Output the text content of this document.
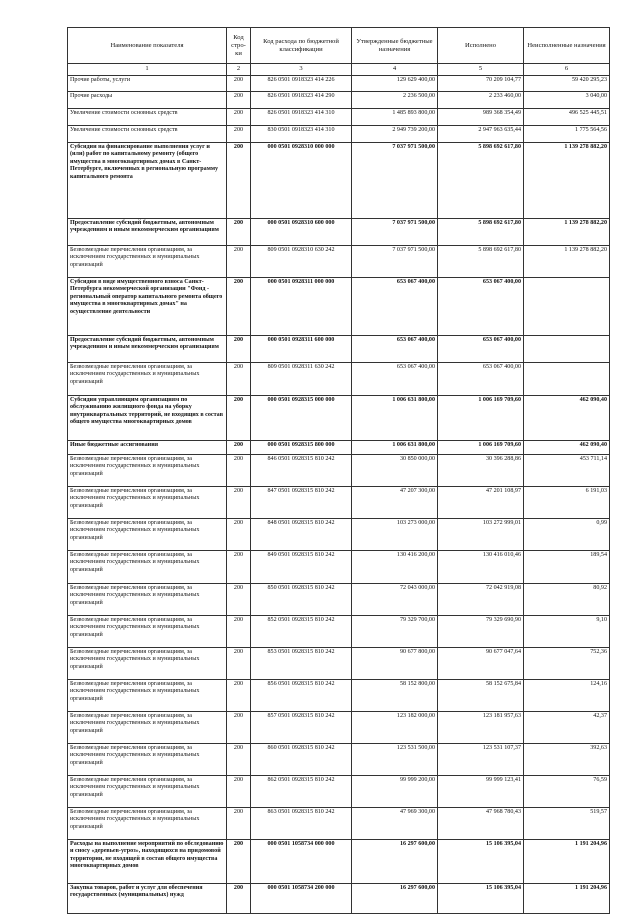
Наименование показателя	Код стро-ки	Код расхода по бюджетной классификации	Утвержденные бюджетные назначения	Исполнено	Неисполненные назначения
1	2	3	4	5	6
Прочие работы, услуги	200	826 0501 0918323 414 226	129 629 400,00	70 209 104,77	59 420 295,23
Прочие расходы	200	826 0501 0918323 414 290	2 236 500,00	2 233 460,00	3 040,00
Увеличение стоимости основных средств	200	826 0501 0918323 414 310	1 485 893 800,00	989 368 354,49	496 525 445,51
Увеличение стоимости основных средств	200	830 0501 0918323 414 310	2 949 739 200,00	2 947 963 635,44	1 775 564,56
Субсидии на финансирование выполнения услуг и (или) работ по капитальному ремонту (общего имущества в многоквартирных домах в Санкт-Петербурге, включенных в региональную программу капитального ремонта	200	000 0501 0928310 000 000	7 037 971 500,00	5 898 692 617,80	1 139 278 882,20
Предоставление субсидий бюджетным, автономным учреждениям и иным некоммерческим организациям	200	000 0501 0928310 600 000	7 037 971 500,00	5 898 692 617,80	1 139 278 882,20
Безвозмездные перечисления организациям, за исключением государственных и муниципальных организаций	200	809 0501 0928310 630 242	7 037 971 500,00	5 898 692 617,80	1 139 278 882,20
Субсидии в виде имущественного взноса Санкт-Петербурга некоммерческой организации "Фонд - региональный оператор капитального ремонта общего имущества в многоквартирных домах" на осуществление деятельности	200	000 0501 0928311 000 000	653 067 400,00	653 067 400,00	
Предоставление субсидий бюджетным, автономным учреждениям и иным некоммерческим организациям	200	000 0501 0928311 600 000	653 067 400,00	653 067 400,00	
Безвозмездные перечисления организациям, за исключением государственных и муниципальных организаций	200	809 0501 0928311 630 242	653 067 400,00	653 067 400,00	
Субсидии управляющим организациям по обслуживанию жилищного фонда на уборку внутриквартальных территорий, не входящих в состав общего имущества многоквартирных домов	200	000 0501 0928315 000 000	1 006 631 800,00	1 006 169 709,60	462 090,40
Иные бюджетные ассигнования	200	000 0501 0928315 800 000	1 006 631 800,00	1 006 169 709,60	462 090,40
Безвозмездные перечисления организациям, за исключением государственных и муниципальных организаций	200	846 0501 0928315 810 242	30 850 000,00	30 396 288,86	453 711,14
Безвозмездные перечисления организациям, за исключением государственных и муниципальных организаций	200	847 0501 0928315 810 242	47 207 300,00	47 201 108,97	6 191,03
Безвозмездные перечисления организациям, за исключением государственных и муниципальных организаций	200	848 0501 0928315 810 242	103 273 000,00	103 272 999,01	0,99
Безвозмездные перечисления организациям, за исключением государственных и муниципальных организаций	200	849 0501 0928315 810 242	130 416 200,00	130 416 010,46	189,54
Безвозмездные перечисления организациям, за исключением государственных и муниципальных организаций	200	850 0501 0928315 810 242	72 043 000,00	72 042 919,08	80,92
Безвозмездные перечисления организациям, за исключением государственных и муниципальных организаций	200	852 0501 0928315 810 242	79 329 700,00	79 329 690,90	9,10
Безвозмездные перечисления организациям, за исключением государственных и муниципальных организаций	200	853 0501 0928315 810 242	90 677 800,00	90 677 047,64	752,36
Безвозмездные перечисления организациям, за исключением государственных и муниципальных организаций	200	856 0501 0928315 810 242	58 152 800,00	58 152 675,84	124,16
Безвозмездные перечисления организациям, за исключением государственных и муниципальных организаций	200	857 0501 0928315 810 242	123 182 000,00	123 181 957,63	42,37
Безвозмездные перечисления организациям, за исключением государственных и муниципальных организаций	200	860 0501 0928315 810 242	123 531 500,00	123 531 107,37	392,63
Безвозмездные перечисления организациям, за исключением государственных и муниципальных организаций	200	862 0501 0928315 810 242	99 999 200,00	99 999 123,41	76,59
Безвозмездные перечисления организациям, за исключением государственных и муниципальных организаций	200	863 0501 0928315 810 242	47 969 300,00	47 968 780,43	519,57
Расходы на выполнение мероприятий по обследованию и сносу «деревьев-угроз», находящихся на придомовой территории, не входящей в состав общего имущества многоквартирных домов	200	000 0501 1058734 000 000	16 297 600,00	15 106 395,04	1 191 204,96
Закупка товаров, работ и услуг для обеспечения государственных (муниципальных) нужд	200	000 0501 1058734 200 000	16 297 600,00	15 106 395,04	1 191 204,96
